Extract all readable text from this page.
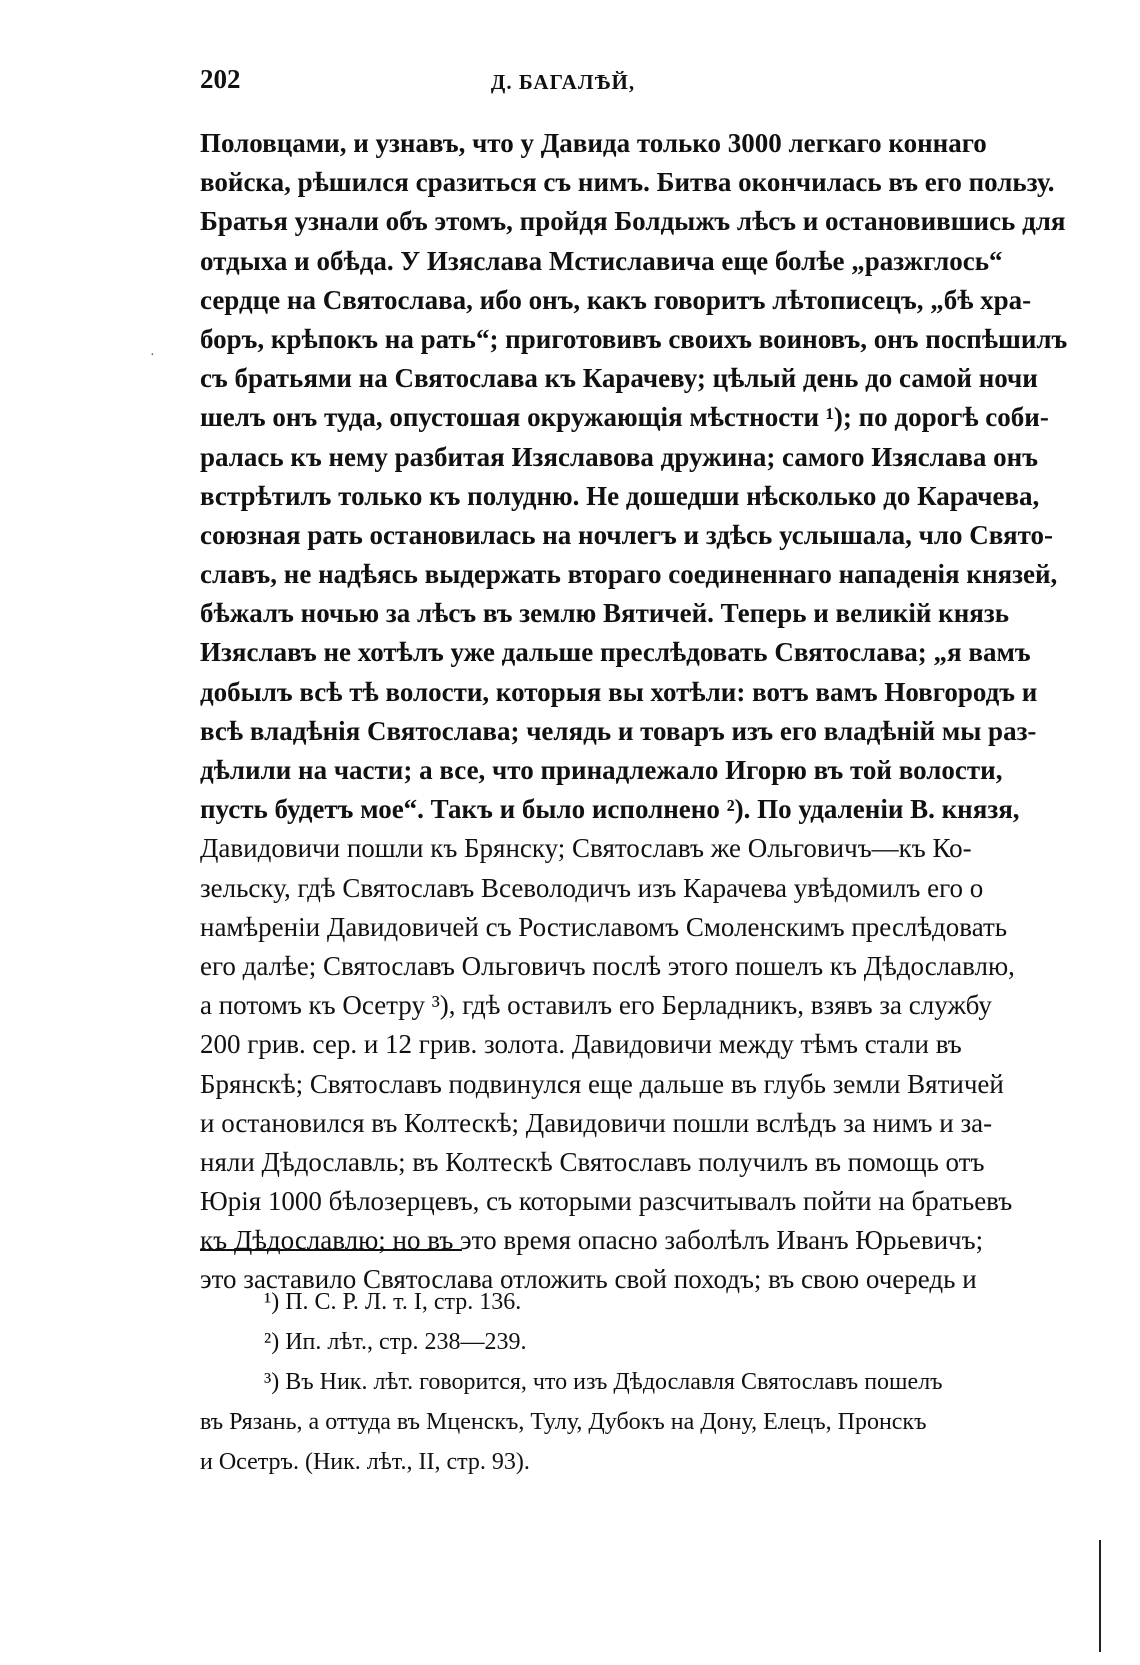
202	Д. БАГАЛѢЙ,
·
Половцами, и узнавъ, что у Давида только 3000 легкаго коннаго
войска, рѣшился сразиться съ нимъ. Битва окончилась въ его пользу.
Братья узнали объ этомъ, пройдя Болдыжъ лѣсъ и остановившись для
отдыха и обѣда. У Изяслава Мстиславича еще болѣе „разжглось“
сердце на Святослава, ибо онъ, какъ говоритъ лѣтописецъ, „бѣ хра-
боръ, крѣпокъ на рать“; приготовивъ своихъ воиновъ, онъ поспѣшилъ
съ братьями на Святослава къ Карачеву; цѣлый день до самой ночи
шелъ онъ туда, опустошая окружающія мѣстности ¹); по дорогѣ соби-
ралась къ нему разбитая Изяславова дружина; самого Изяслава онъ
встрѣтилъ только къ полудню. Не дошедши нѣсколько до Карачева,
союзная рать остановилась на ночлегъ и здѣсь услышала, чло Свято-
славъ, не надѣясь выдержать втораго соединеннаго нападенія князей,
бѣжалъ ночью за лѣсъ въ землю Вятичей. Теперь и великій князь
Изяславъ не хотѣлъ уже дальше преслѣдовать Святослава; „я вамъ
добылъ всѣ тѣ волости, которыя вы хотѣли: вотъ вамъ Новгородъ и
всѣ владѣнія Святослава; челядь и товаръ изъ его владѣній мы раз-
дѣлили на части; а все, что принадлежало Игорю въ той волости,
пусть будетъ мое“. Такъ и было исполнено ²). По удаленіи В. князя,
Давидовичи пошли къ Брянску; Святославъ же Ольговичъ—къ Ко-
зельску, гдѣ Святославъ Всеволодичъ изъ Карачева увѣдомилъ его о
намѣреніи Давидовичей съ Ростиславомъ Смоленскимъ преслѣдовать
его далѣе; Святославъ Ольговичъ послѣ этого пошелъ къ Дѣдославлю,
а потомъ къ Осетру ³), гдѣ оставилъ его Берладникъ, взявъ за службу
200 грив. сер. и 12 грив. золота. Давидовичи между тѣмъ стали въ
Брянскѣ; Святославъ подвинулся еще дальше въ глубь земли Вятичей
и остановился въ Колтескѣ; Давидовичи пошли вслѣдъ за нимъ и за-
няли Дѣдославль; въ Колтескѣ Святославъ получилъ въ помощь отъ
Юрія 1000 бѣлозерцевъ, съ которыми разсчитывалъ пойти на братьевъ
къ Дѣдославлю; но въ это время опасно заболѣлъ Иванъ Юрьевичъ;
это заставило Святослава отложить свой походъ; въ свою очередь и
¹) П. С. Р. Л. т. I, стр. 136.
²) Ип. лѣт., стр. 238—239.
³) Въ Ник. лѣт. говорится, что изъ Дѣдославля Святославъ пошелъ
въ Рязань, а оттуда въ Мценскъ, Тулу, Дубокъ на Дону, Елецъ, Пронскъ
и Осетръ. (Ник. лѣт., II, стр. 93).
